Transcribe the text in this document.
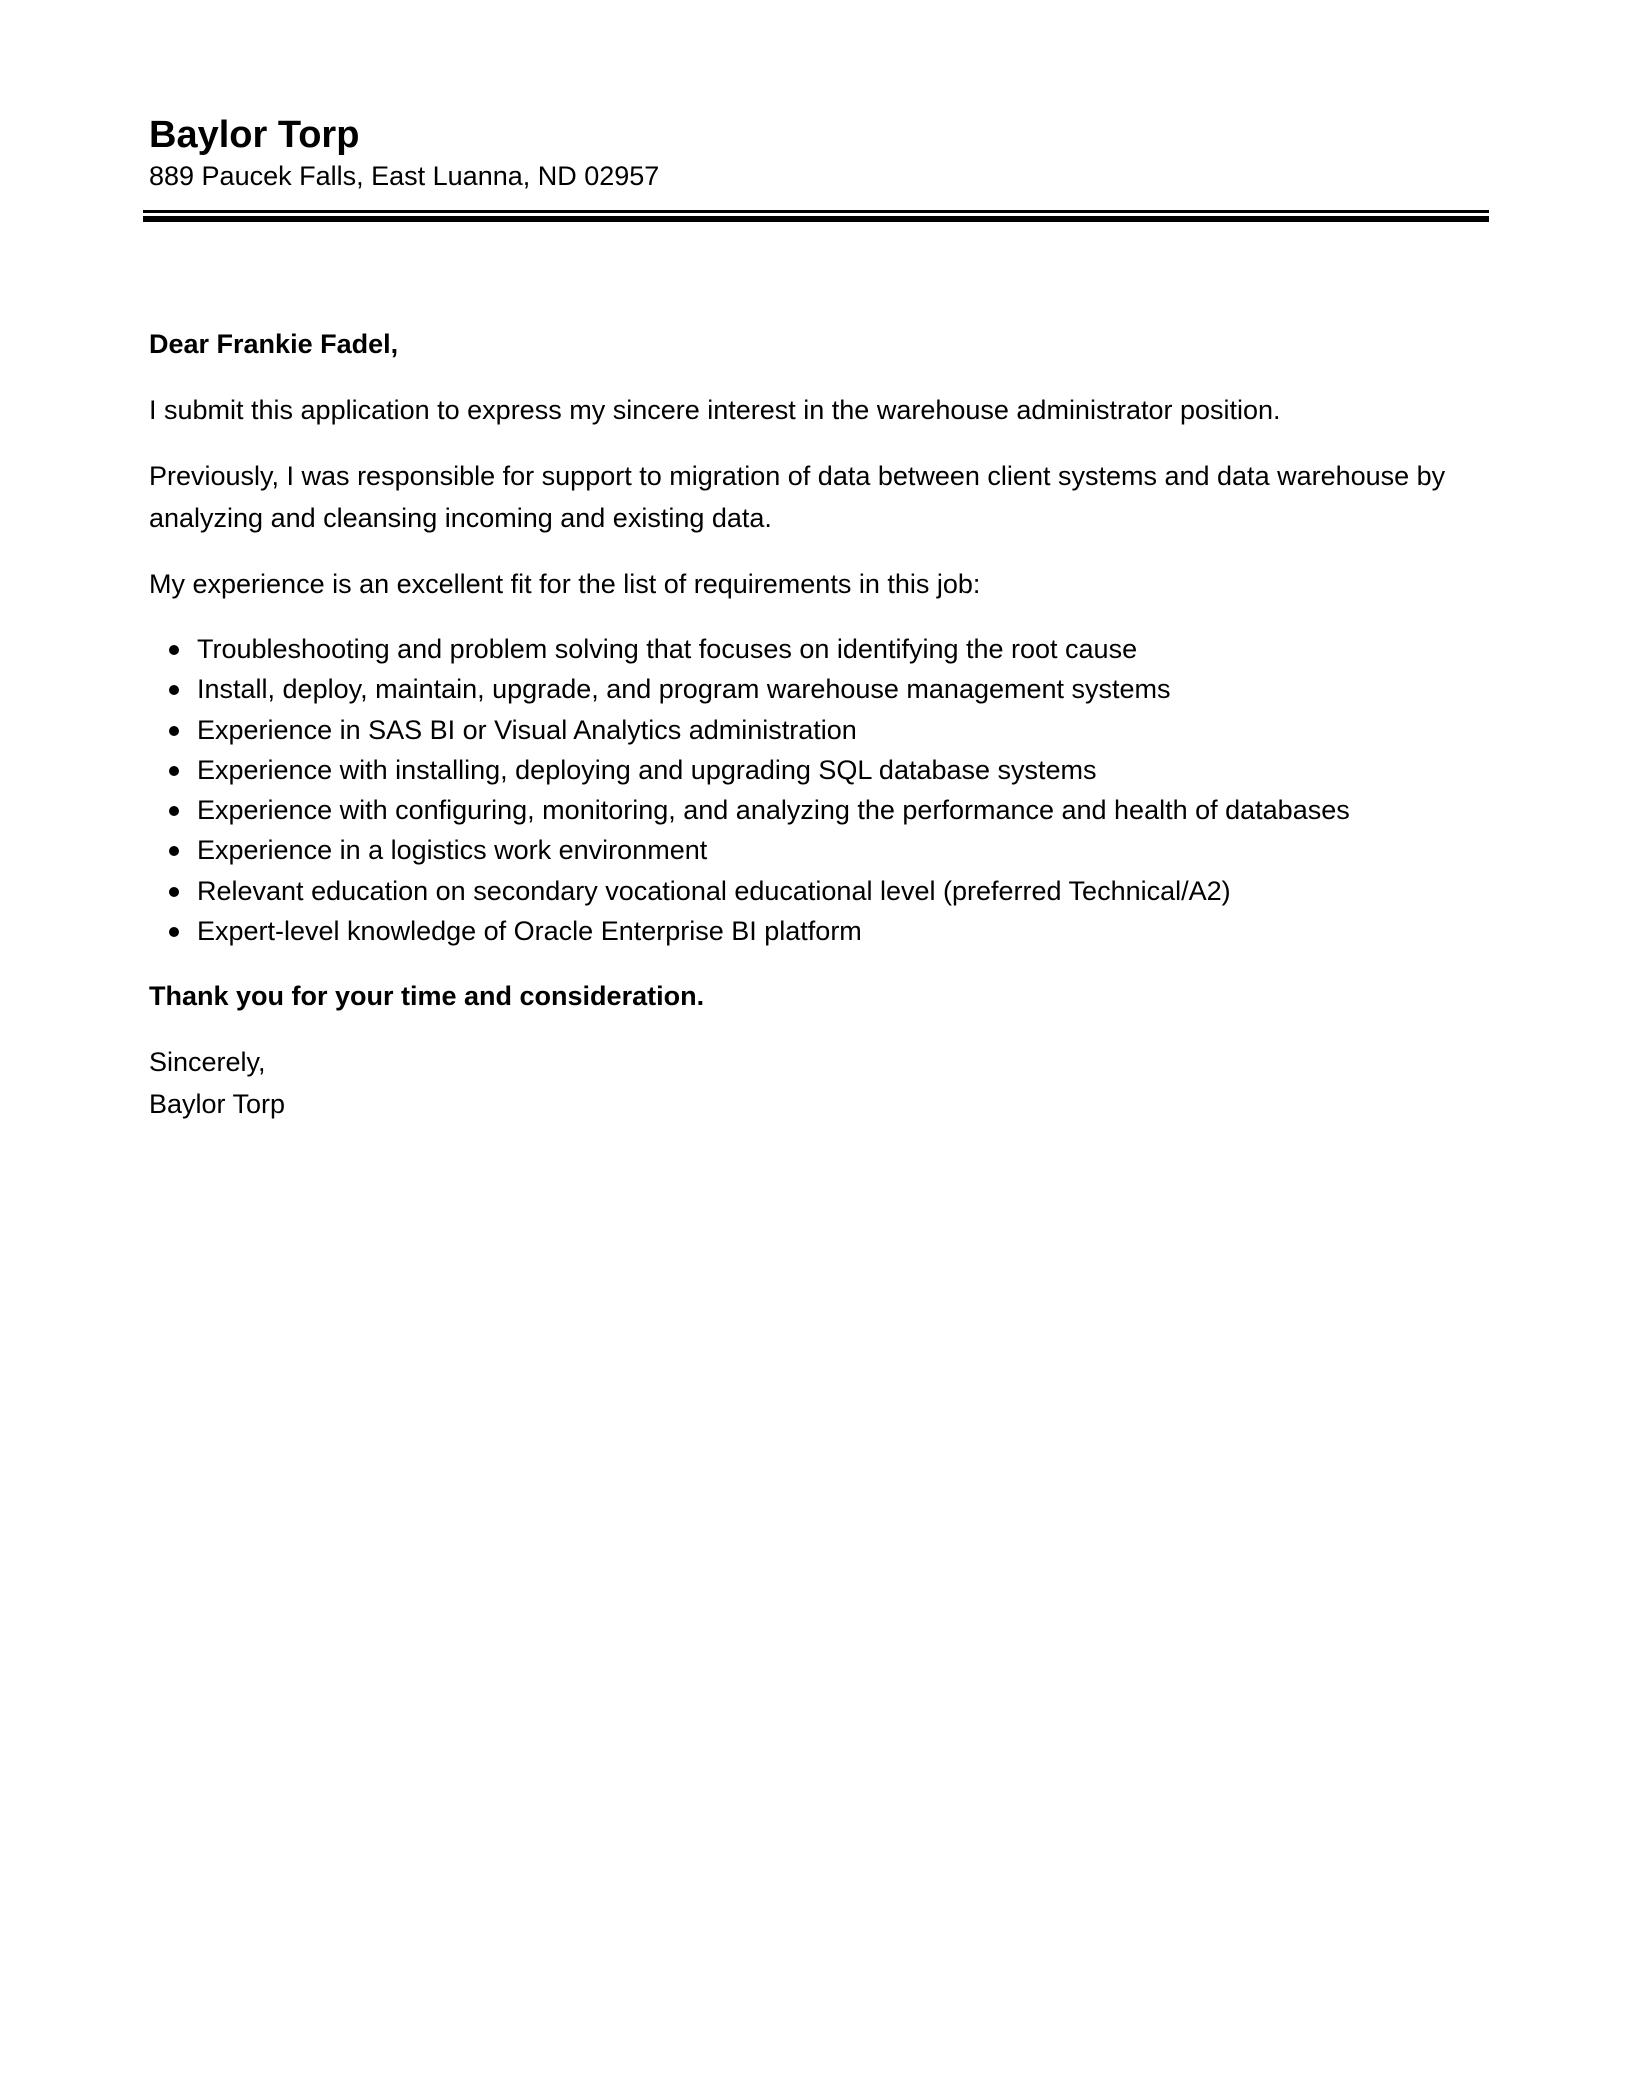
Baylor Torp

889 Paucek Falls, East Luanna, ND 02957

Dear Frankie Fadel,

I submit this application to express my sincere interest in the warehouse administrator position.

Previously, I was responsible for support to migration of data between client systems and data warehouse by analyzing and cleansing incoming and existing data.

My experience is an excellent fit for the list of requirements in this job:

Troubleshooting and problem solving that focuses on identifying the root cause
Install, deploy, maintain, upgrade, and program warehouse management systems
Experience in SAS BI or Visual Analytics administration
Experience with installing, deploying and upgrading SQL database systems
Experience with configuring, monitoring, and analyzing the performance and health of databases
Experience in a logistics work environment
Relevant education on secondary vocational educational level (preferred Technical/A2)
Expert-level knowledge of Oracle Enterprise BI platform

Thank you for your time and consideration.

Sincerely,

Baylor Torp
